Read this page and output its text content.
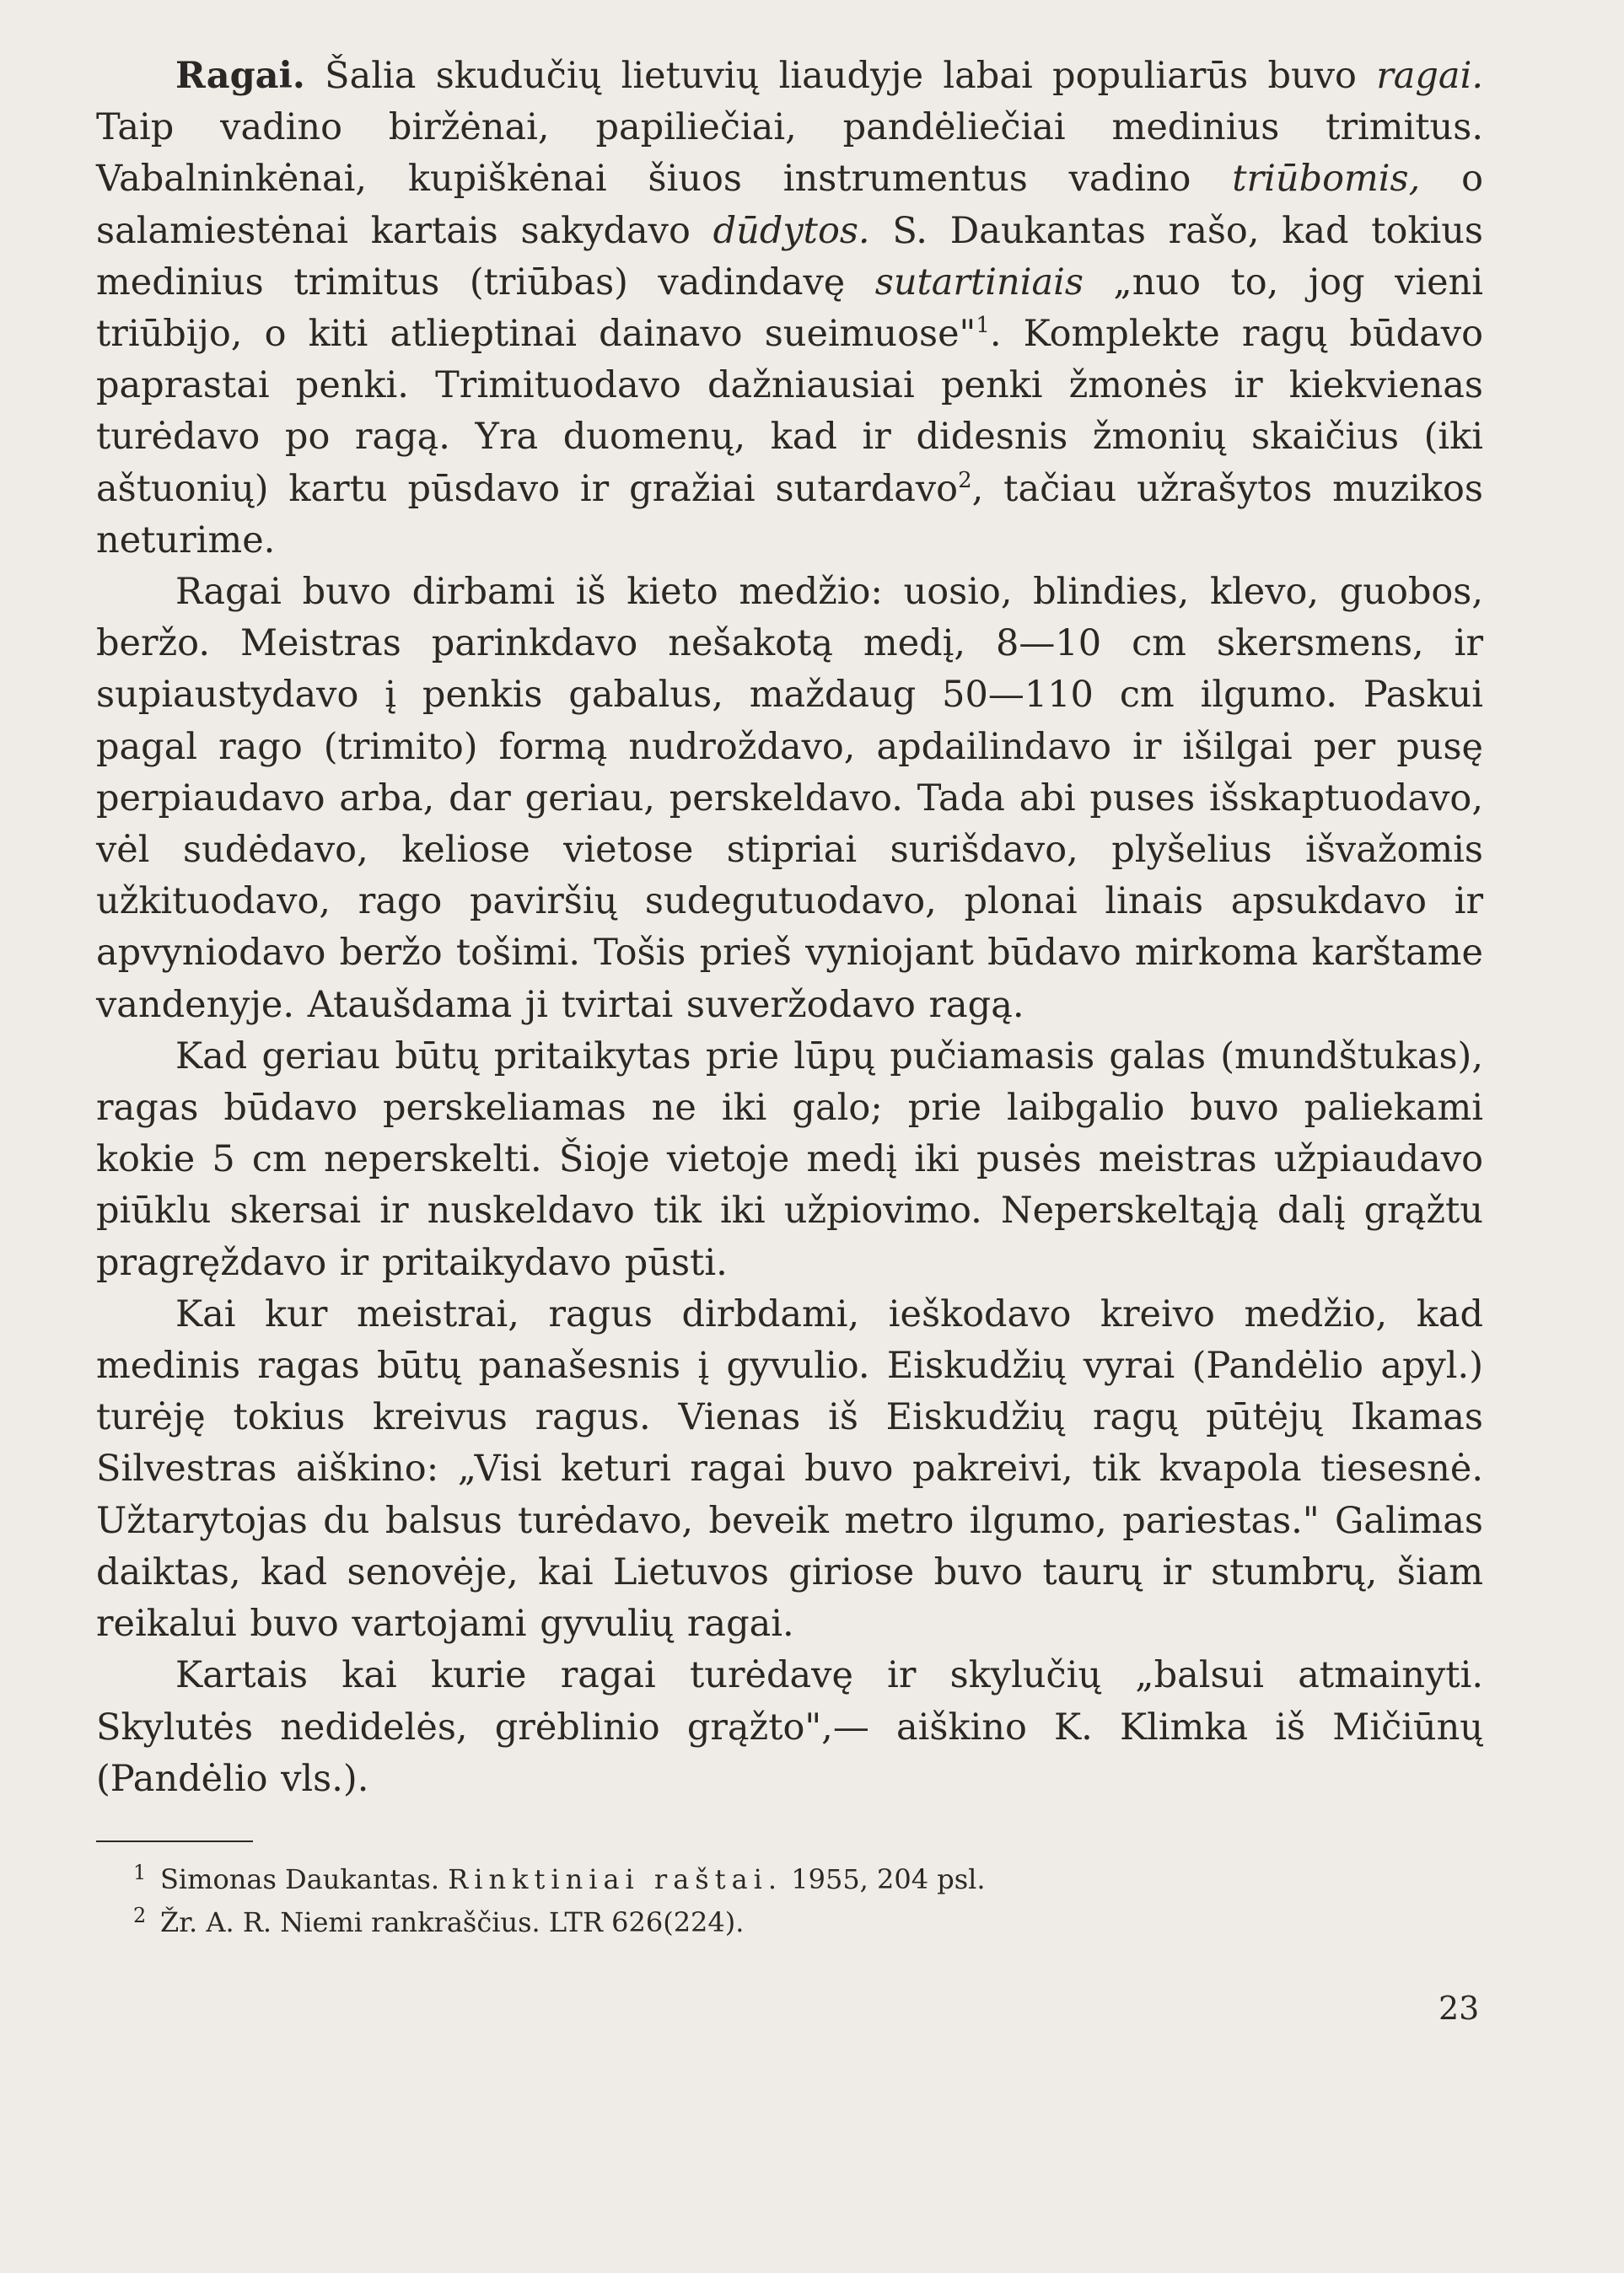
Ragai. Šalia skudučių lietuvių liaudyje labai populiarūs buvo ragai. Taip vadino biržėnai, papiliečiai, pandėliečiai medinius trimitus. Vabalninkėnai, kupiškėnai šiuos instrumentus vadino triūbomis, o salamiestėnai kartais sakydavo dūdytos. S. Daukantas rašo, kad tokius medinius trimitus (triūbas) vadindavę sutartiniais „nuo to, jog vieni triūbijo, o kiti atlieptinai dainavo sueimuose"$^1$. Komplekte ragų būdavo paprastai penki. Trimituodavo dažniausiai penki žmonės ir kiekvienas turėdavo po ragą. Yra duomenų, kad ir didesnis žmonių skaičius (iki aštuonių) kartu pūsdavo ir gražiai sutardavo$^2$, tačiau užrašytos muzikos neturime.

Ragai buvo dirbami iš kieto medžio: uosio, blindies, klevo, guobos, beržo. Meistras parinkdavo nešakotą medį, 8—10 cm skersmens, ir supiaustydavo į penkis gabalus, maždaug 50—110 cm ilgumo. Paskui pagal rago (trimito) formą nudroždavo, apdailindavo ir išilgai per pusę perpiaudavo arba, dar geriau, perskeldavo. Tada abi puses išskaptuodavo, vėl sudėdavo, keliose vietose stipriai surišdavo, plyšelius išvažomis užkituodavo, rago paviršių sudegutuodavo, plonai linais apsukdavo ir apvyniodavo beržo tošimi. Tošis prieš vyniojant būdavo mirkoma karštame vandenyje. Ataušdama ji tvirtai suveržodavo ragą.

Kad geriau būtų pritaikytas prie lūpų pučiamasis galas (mundštukas), ragas būdavo perskeliamas ne iki galo; prie laibgalio buvo paliekami kokie 5 cm neperskelti. Šioje vietoje medį iki pusės meistras užpiaudavo piūklu skersai ir nuskeldavo tik iki užpiovimo. Neperskeltąją dalį grąžtu pragręždavo ir pritaikydavo pūsti.

Kai kur meistrai, ragus dirbdami, ieškodavo kreivo medžio, kad medinis ragas būtų panašesnis į gyvulio. Eiskudžių vyrai (Pandėlio apyl.) turėję tokius kreivus ragus. Vienas iš Eiskudžių ragų pūtėjų Ikamas Silvestras aiškino: „Visi keturi ragai buvo pakreivi, tik kvapola tiesesnė. Užtarytojas du balsus turėdavo, beveik metro ilgumo, pariestas." Galimas daiktas, kad senovėje, kai Lietuvos giriose buvo taurų ir stumbrų, šiam reikalui buvo vartojami gyvulių ragai.

Kartais kai kurie ragai turėdavę ir skylučių „balsui atmainyti. Skylutės nedidelės, grėblinio grąžto",— aiškino K. Klimka iš Mičiūnų (Pandėlio vls.).

1 Simonas Daukantas. Rinktiniai raštai. 1955, 204 psl.

2 Žr. A. R. Niemi rankraščius. LTR 626(224).

23
